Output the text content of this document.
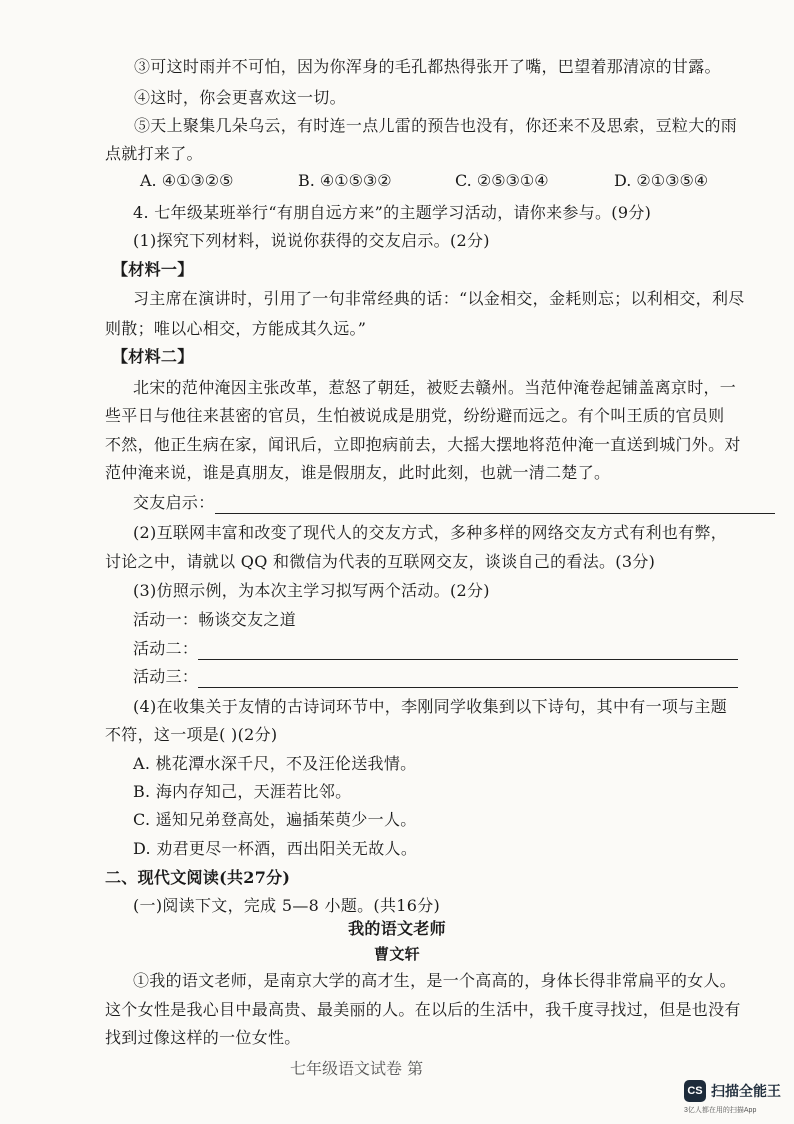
③可这时雨并不可怕，因为你浑身的毛孔都热得张开了嘴，巴望着那清凉的甘露。
④这时，你会更喜欢这一切。
⑤天上聚集几朵乌云，有时连一点儿雷的预告也没有，你还来不及思索，豆粒大的雨
点就打来了。
A. ④①③②⑤	B. ④①⑤③②	C. ②⑤③①④	D. ②①③⑤④
4. 七年级某班举行“有朋自远方来”的主题学习活动，请你来参与。(9分)
(1)探究下列材料，说说你获得的交友启示。(2分)
【材料一】
习主席在演讲时，引用了一句非常经典的话：“以金相交，金耗则忘；以利相交，利尽
则散；唯以心相交，方能成其久远。”
【材料二】
北宋的范仲淹因主张改革，惹怒了朝廷，被贬去赣州。当范仲淹卷起铺盖离京时，一
些平日与他往来甚密的官员，生怕被说成是朋党，纷纷避而远之。有个叫王质的官员则
不然，他正生病在家，闻讯后，立即抱病前去，大摇大摆地将范仲淹一直送到城门外。对
范仲淹来说，谁是真朋友，谁是假朋友，此时此刻，也就一清二楚了。
交友启示：
(2)互联网丰富和改变了现代人的交友方式，多种多样的网络交友方式有利也有弊，
讨论之中，请就以 QQ 和微信为代表的互联网交友，谈谈自己的看法。(3分)
(3)仿照示例，为本次主学习拟写两个活动。(2分)
活动一：畅谈交友之道
活动二：
活动三：
(4)在收集关于友情的古诗词环节中，李刚同学收集到以下诗句，其中有一项与主题
不符，这一项是( )(2分)
A. 桃花潭水深千尺，不及汪伦送我情。
B. 海内存知己，天涯若比邻。
C. 遥知兄弟登高处，遍插茱萸少一人。
D. 劝君更尽一杯酒，西出阳关无故人。
二、现代文阅读(共27分)
(一)阅读下文，完成 5—8 小题。(共16分)
我的语文老师
曹文轩
①我的语文老师，是南京大学的高才生，是一个高高的，身体长得非常扁平的女人。
这个女性是我心目中最高贵、最美丽的人。在以后的生活中，我千度寻找过，但是也没有
找到过像这样的一位女性。
七年级语文试卷 第
CS 扫描全能王
3亿人都在用的扫描App
